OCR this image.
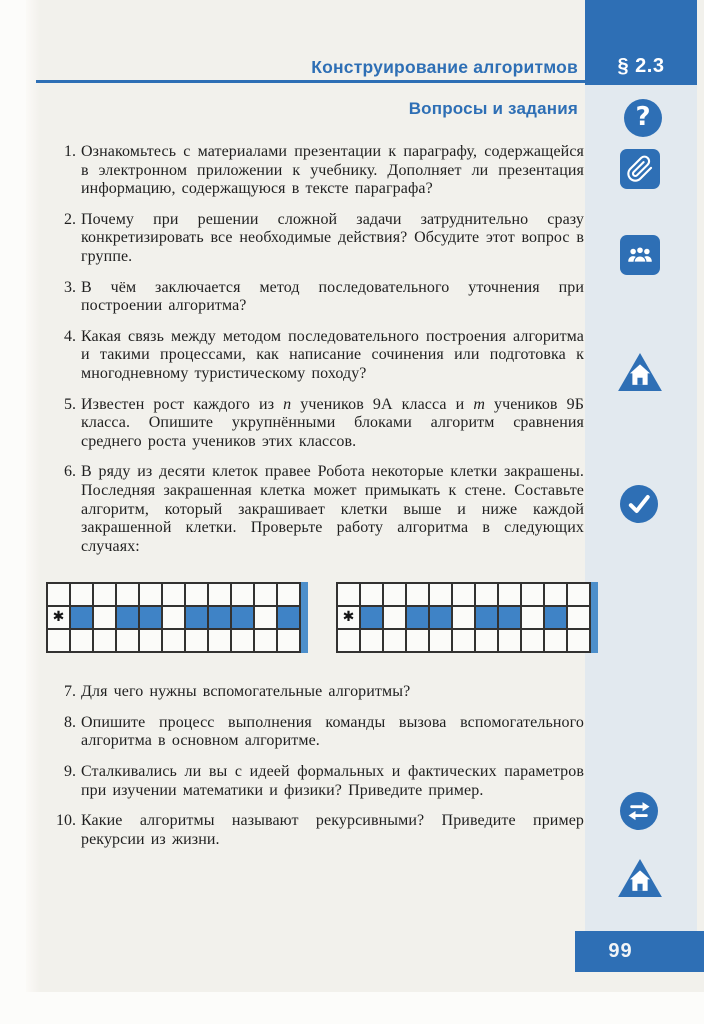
§ 2.3
Конструирование алгоритмов
Вопросы и задания
1. Ознакомьтесь с материалами презентации к параграфу, содержащейся в электронном приложении к учебнику. Дополняет ли презентация информацию, содержащуюся в тексте параграфа?
2. Почему при решении сложной задачи затруднительно сразу конкретизировать все необходимые действия? Обсудите этот вопрос в группе.
3. В чём заключается метод последовательного уточнения при построении алгоритма?
4. Какая связь между методом последовательного построения алгоритма и такими процессами, как написание сочинения или подготовка к многодневному туристическому походу?
5. Известен рост каждого из n учеников 9А класса и m учеников 9Б класса. Опишите укрупнёнными блоками алгоритм сравнения среднего роста учеников этих классов.
6. В ряду из десяти клеток правее Робота некоторые клетки закрашены. Последняя закрашенная клетка может примыкать к стене. Составьте алгоритм, который закрашивает клетки выше и ниже каждой закрашенной клетки. Проверьте работу алгоритма в следующих случаях:

✱										

											✱										

7. Для чего нужны вспомогательные алгоритмы?
8. Опишите процесс выполнения команды вызова вспомогательного алгоритма в основном алгоритме.
9. Сталкивались ли вы с идеей формальных и фактических параметров при изучении математики и физики? Приведите пример.
10. Какие алгоритмы называют рекурсивными? Приведите пример рекурсии из жизни.
?
99
